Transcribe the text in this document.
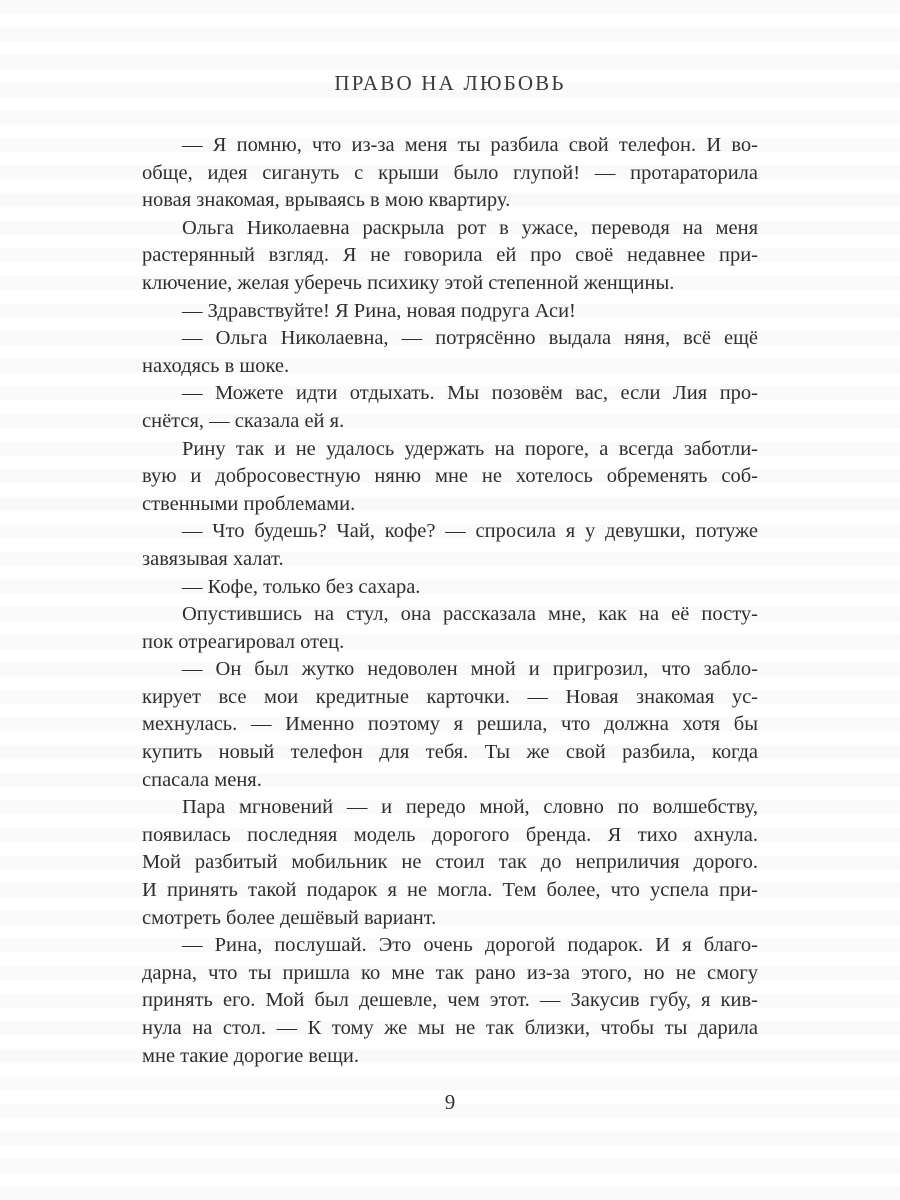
ПРАВО НА ЛЮБОВЬ
— Я помню, что из-за меня ты разбила свой телефон. И во-
обще, идея сигануть с крыши было глупой! — протараторила
новая знакомая, врываясь в мою квартиру.
Ольга Николаевна раскрыла рот в ужасе, переводя на меня
растерянный взгляд. Я не говорила ей про своё недавнее при-
ключение, желая уберечь психику этой степенной женщины.
— Здравствуйте! Я Рина, новая подруга Аси!
— Ольга Николаевна, — потрясённо выдала няня, всё ещё
находясь в шоке.
— Можете идти отдыхать. Мы позовём вас, если Лия про-
снётся, — сказала ей я.
Рину так и не удалось удержать на пороге, а всегда заботли-
вую и добросовестную няню мне не хотелось обременять соб-
ственными проблемами.
— Что будешь? Чай, кофе? — спросила я у девушки, потуже
завязывая халат.
— Кофе, только без сахара.
Опустившись на стул, она рассказала мне, как на её посту-
пок отреагировал отец.
— Он был жутко недоволен мной и пригрозил, что забло-
кирует все мои кредитные карточки. — Новая знакомая ус-
мехнулась. — Именно поэтому я решила, что должна хотя бы
купить новый телефон для тебя. Ты же свой разбила, когда
спасала меня.
Пара мгновений — и передо мной, словно по волшебству,
появилась последняя модель дорогого бренда. Я тихо ахнула.
Мой разбитый мобильник не стоил так до неприличия дорого.
И принять такой подарок я не могла. Тем более, что успела при-
смотреть более дешёвый вариант.
— Рина, послушай. Это очень дорогой подарок. И я благо-
дарна, что ты пришла ко мне так рано из-за этого, но не смогу
принять его. Мой был дешевле, чем этот. — Закусив губу, я кив-
нула на стол. — К тому же мы не так близки, чтобы ты дарила
мне такие дорогие вещи.
9
